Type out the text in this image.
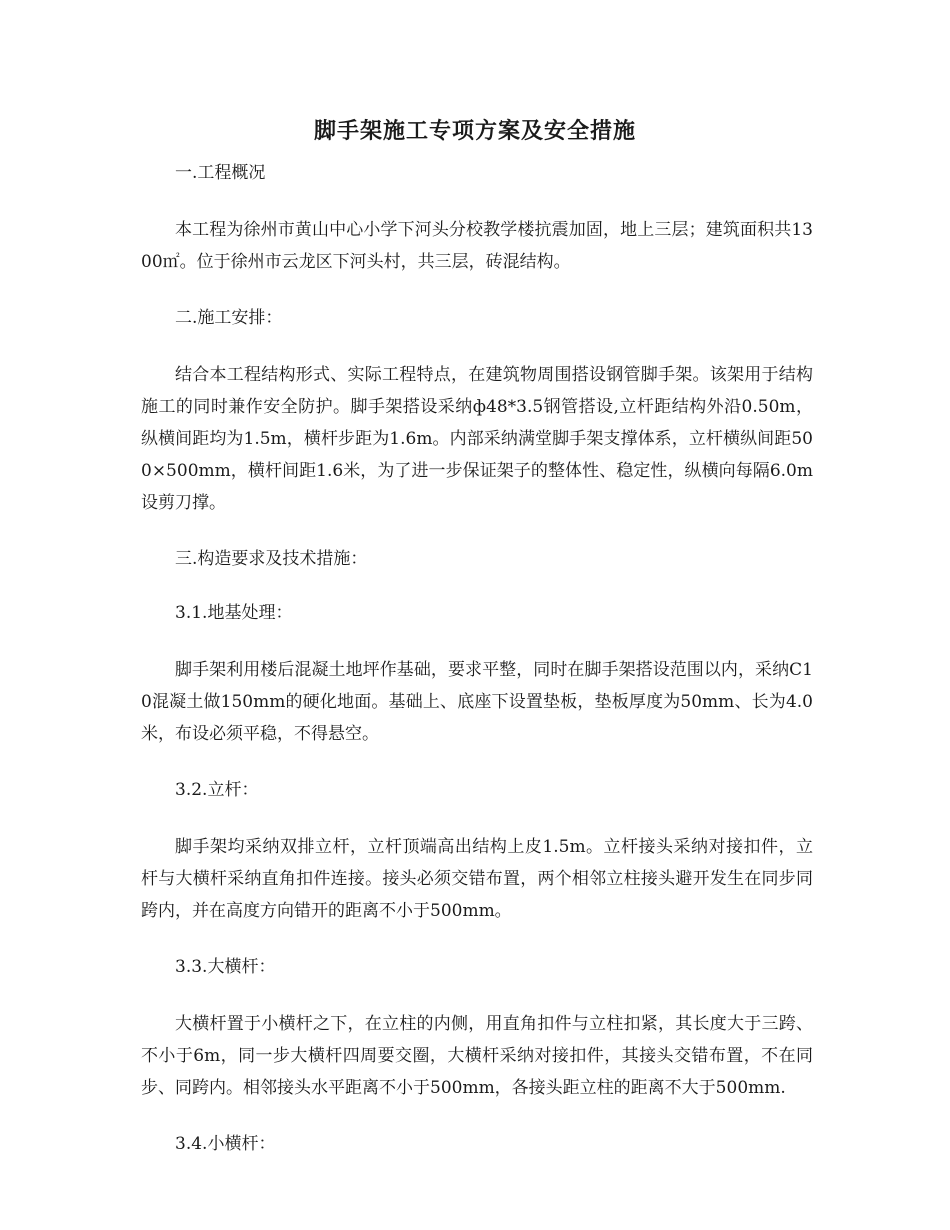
脚手架施工专项方案及安全措施

一.工程概况

本工程为徐州市黄山中心小学下河头分校教学楼抗震加固，地上三层；建筑面积共1300㎡。位于徐州市云龙区下河头村，共三层，砖混结构。

二.施工安排：

结合本工程结构形式、实际工程特点，在建筑物周围搭设钢管脚手架。该架用于结构施工的同时兼作安全防护。脚手架搭设采纳ф48*3.5钢管搭设,立杆距结构外沿0.50m，纵横间距均为1.5m，横杆步距为1.6m。内部采纳满堂脚手架支撑体系，立杆横纵间距500×500mm，横杆间距1.6米，为了进一步保证架子的整体性、稳定性，纵横向每隔6.0m设剪刀撑。

三.构造要求及技术措施：

3.1.地基处理：

脚手架利用楼后混凝土地坪作基础，要求平整，同时在脚手架搭设范围以内，采纳C10混凝土做150mm的硬化地面。基础上、底座下设置垫板，垫板厚度为50mm、长为4.0米，布设必须平稳，不得悬空。

3.2.立杆：

脚手架均采纳双排立杆，立杆顶端高出结构上皮1.5m。立杆接头采纳对接扣件，立杆与大横杆采纳直角扣件连接。接头必须交错布置，两个相邻立柱接头避开发生在同步同跨内，并在高度方向错开的距离不小于500mm。

3.3.大横杆：

大横杆置于小横杆之下，在立柱的内侧，用直角扣件与立柱扣紧，其长度大于三跨、不小于6m，同一步大横杆四周要交圈，大横杆采纳对接扣件，其接头交错布置，不在同步、同跨内。相邻接头水平距离不小于500mm，各接头距立柱的距离不大于500mm.

3.4.小横杆：
